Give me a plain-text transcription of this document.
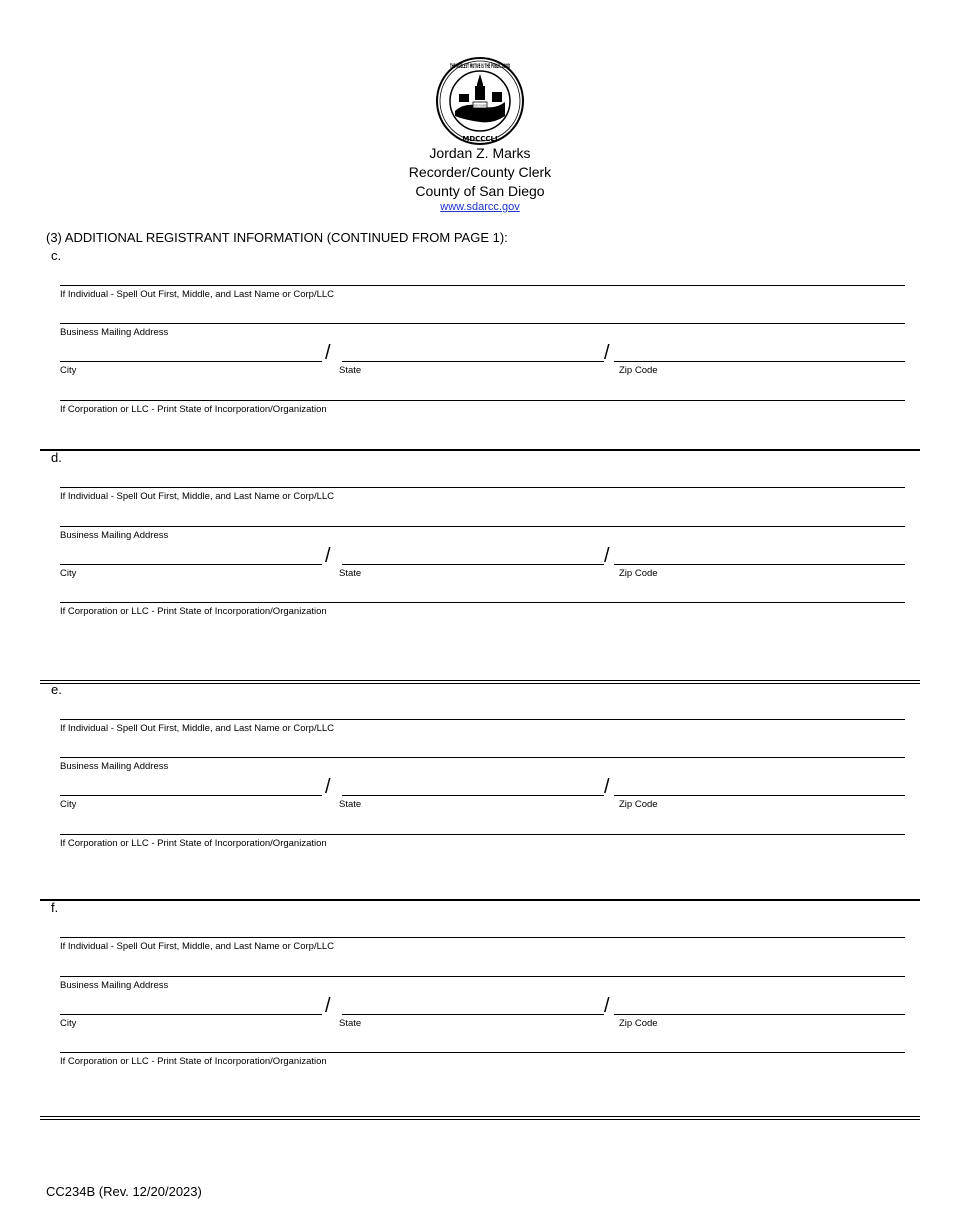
THE NOBLEST MOTIVE IS THE PUBLIC GOOD
MDCCCLI
COUNTY OF SAN DIEGO
Jordan Z. Marks
Recorder/County Clerk
County of San Diego
www.sdarcc.gov
(3) ADDITIONAL REGISTRANT INFORMATION (CONTINUED FROM PAGE 1):
c.
If Individual - Spell Out First, Middle, and Last Name or Corp/LLC
Business Mailing Address
/	/
City	State	Zip Code
If Corporation or LLC - Print State of Incorporation/Organization
d.
If Individual - Spell Out First, Middle, and Last Name or Corp/LLC
Business Mailing Address
/	/
City	State	Zip Code
If Corporation or LLC - Print State of Incorporation/Organization
e.
If Individual - Spell Out First, Middle, and Last Name or Corp/LLC
Business Mailing Address
/	/
City	State	Zip Code
If Corporation or LLC - Print State of Incorporation/Organization
f.
If Individual - Spell Out First, Middle, and Last Name or Corp/LLC
Business Mailing Address
/	/
City	State	Zip Code
If Corporation or LLC - Print State of Incorporation/Organization
CC234B (Rev. 12/20/2023)
